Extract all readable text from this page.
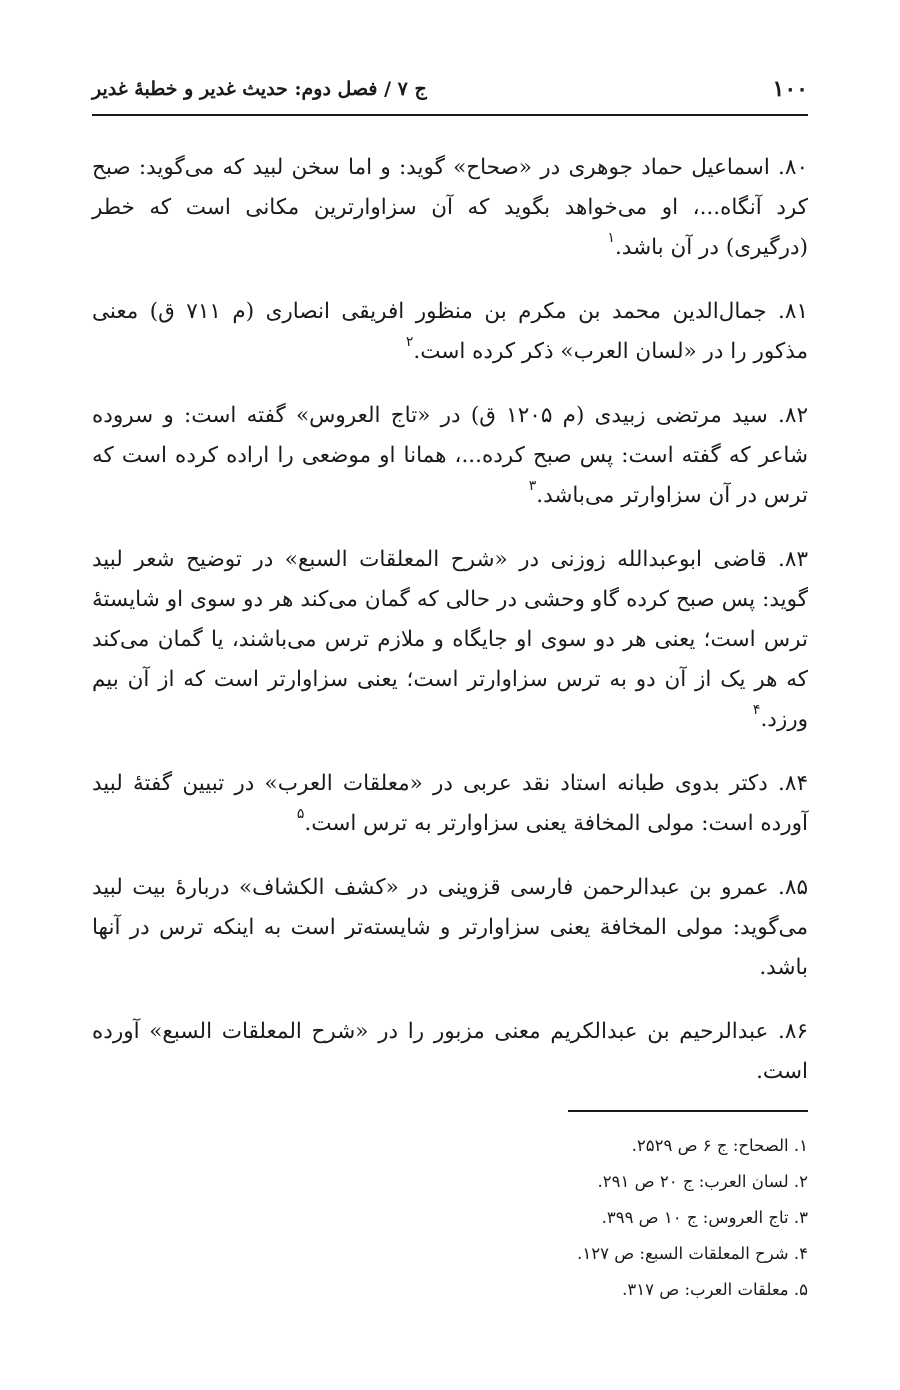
۱۰۰
ج ۷ / فصل دوم: حدیث غدیر و خطبهٔ غدیر

۸۰. اسماعیل حماد جوهری در «صحاح» گوید: و اما سخن لبید که می‌گوید: صبح کرد آنگاه...، او می‌خواهد بگوید که آن سزاوارترین مکانی است که خطر (درگیری) در آن باشد.$^۱$

۸۱. جمال‌الدین محمد بن مکرم بن منظور افریقی انصاری (م ۷۱۱ ق) معنی مذکور را در «لسان العرب» ذکر کرده است.$^۲$

۸۲. سید مرتضی زبیدی (م ۱۲۰۵ ق) در «تاج العروس» گفته است: و سروده شاعر که گفته است: پس صبح کرده...، همانا او موضعی را اراده کرده است که ترس در آن سزاوارتر می‌باشد.$^۳$

۸۳. قاضی ابوعبدالله زوزنی در «شرح المعلقات السبع» در توضیح شعر لبید گوید: پس صبح کرده گاو وحشی در حالی که گمان می‌کند هر دو سوی او شایستهٔ ترس است؛ یعنی هر دو سوی او جایگاه و ملازم ترس می‌باشند، یا گمان می‌کند که هر یک از آن دو به ترس سزاوارتر است؛ یعنی سزاوارتر است که از آن بیم ورزد.$^۴$

۸۴. دکتر بدوی طبانه استاد نقد عربی در «معلقات العرب» در تبیین گفتهٔ لبید آورده است: مولی المخافة یعنی سزاوارتر به ترس است.$^۵$

۸۵. عمرو بن عبدالرحمن فارسی قزوینی در «کشف الکشاف» دربارهٔ بیت لبید می‌گوید: مولی المخافة یعنی سزاوارتر و شایسته‌تر است به اینکه ترس در آنها باشد.

۸۶. عبدالرحیم بن عبدالکریم معنی مزبور را در «شرح المعلقات السبع» آورده است.

۱. الصحاح: ج ۶ ص ۲۵۲۹.
۲. لسان العرب: ج ۲۰ ص ۲۹۱.
۳. تاج العروس: ج ۱۰ ص ۳۹۹.
۴. شرح المعلقات السبع: ص ۱۲۷.
۵. معلقات العرب: ص ۳۱۷.
